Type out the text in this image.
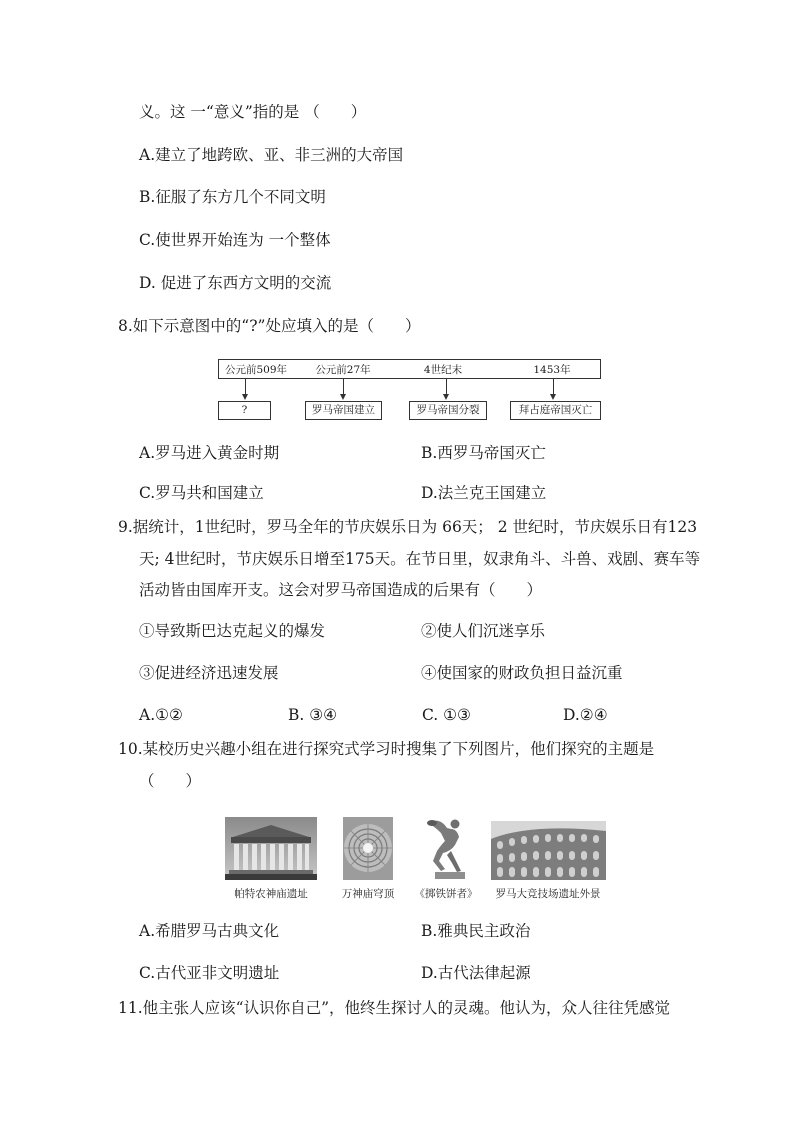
义。这 一“意义”指的是 （　　）
A.建立了地跨欧、亚、非三洲的大帝国
B.征服了东方几个不同文明
C.使世界开始连为 一个整体
D. 促进了东西方文明的交流
8.如下示意图中的“?”处应填入的是（　　）
公元前509年	公元前27年	4世纪末	1453年
?	罗马帝国建立	罗马帝国分裂	拜占庭帝国灭亡
A.罗马进入黄金时期	B.西罗马帝国灭亡
C.罗马共和国建立	D.法兰克王国建立
9.据统计，1世纪时，罗马全年的节庆娱乐日为 66天； 2 世纪时，节庆娱乐日有123
天; 4世纪时，节庆娱乐日增至175天。在节日里，奴隶角斗、斗兽、戏剧、赛车等
活动皆由国库开支。这会对罗马帝国造成的后果有（　　）
①导致斯巴达克起义的爆发	②使人们沉迷享乐
③促进经济迅速发展	④使国家的财政负担日益沉重
A.①②	B. ③④	C. ①③	D.②④
10.某校历史兴趣小组在进行探究式学习时搜集了下列图片，他们探究的主题是
（　　）
帕特农神庙遗址	万神庙穹顶	《掷铁饼者》	罗马大竞技场遗址外景
A.希腊罗马古典文化	B.雅典民主政治
C.古代亚非文明遗址	D.古代法律起源
11.他主张人应该“认识你自己”，他终生探讨人的灵魂。他认为，众人往往凭感觉
